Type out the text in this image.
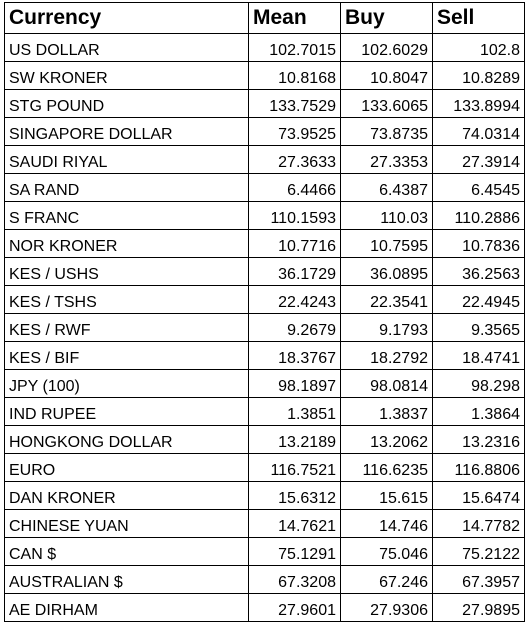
Currency	Mean	Buy	Sell
US DOLLAR	102.7015	102.6029	102.8
SW KRONER	10.8168	10.8047	10.8289
STG POUND	133.7529	133.6065	133.8994
SINGAPORE DOLLAR	73.9525	73.8735	74.0314
SAUDI RIYAL	27.3633	27.3353	27.3914
SA RAND	6.4466	6.4387	6.4545
S FRANC	110.1593	110.03	110.2886
NOR KRONER	10.7716	10.7595	10.7836
KES / USHS	36.1729	36.0895	36.2563
KES / TSHS	22.4243	22.3541	22.4945
KES / RWF	9.2679	9.1793	9.3565
KES / BIF	18.3767	18.2792	18.4741
JPY (100)	98.1897	98.0814	98.298
IND RUPEE	1.3851	1.3837	1.3864
HONGKONG DOLLAR	13.2189	13.2062	13.2316
EURO	116.7521	116.6235	116.8806
DAN KRONER	15.6312	15.615	15.6474
CHINESE YUAN	14.7621	14.746	14.7782
CAN $	75.1291	75.046	75.2122
AUSTRALIAN $	67.3208	67.246	67.3957
AE DIRHAM	27.9601	27.9306	27.9895
